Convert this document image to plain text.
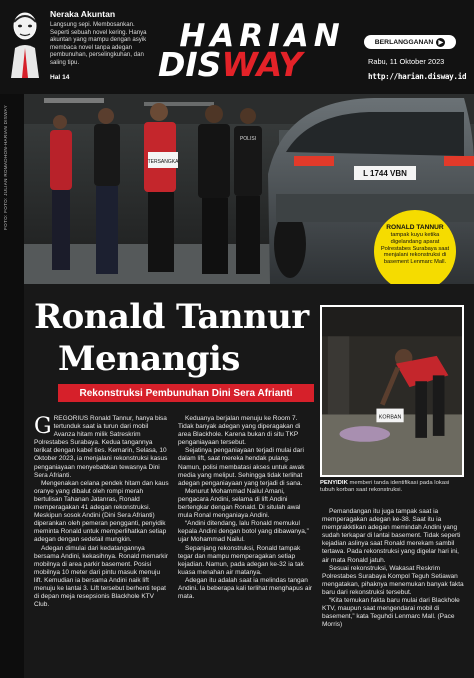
Neraka Akuntan
Langsung sepi. Membosankan. Seperti sebuah novel kering. Hanya akuntan yang mampu dengan asyik membaca novel tanpa adegan pembunuhan, perselingkuhan, dan saling tipu.
Hal 14
HARIAN
DISWAY
BERLANGGANAN ▶
Rabu, 11 Oktober 2023
http://harian.disway.id
FOTO: FOTO: JULIAN ROMADHON-HARIAN DISWAY	L 1744 VBN
TERSANGKA
POLISI
RONALD TANNUR
tampak kuyu ketika digelandang aparat Polrestabes Surabaya saat menjalani rekonstruksi di basement Lenmarc Mall.
Ronald Tannur
Menangis
Rekonstruksi Pembunuhan Dini Sera Afrianti
KORBAN
PENYIDIK memberi tanda identifikasi pada lokasi tubuh korban saat rekonstruksi.
G REGORIUS Ronald Tannur, hanya bisa tertunduk saat ia turun dari mobil Avanza hitam milik Satreskrim Polrestabes Surabaya. Kedua tangannya terikat dengan kabel ties. Kemarin, Selasa, 10 Oktober 2023, ia menjalani rekonstruksi kasus penganiayaan menyebabkan tewasnya Dini Sera Afrianti.

Mengenakan celana pendek hitam dan kaus oranye yang dibalut oleh rompi merah bertulisan Tahanan Jatanras, Ronald memperagakan 41 adegan rekonstruksi. Meskipun sosok Andini (Dini Sera Afrianti) diperankan oleh pemeran pengganti, penyidik meminta Ronald untuk memperlihatkan setiap adegan dengan sedetail mungkin.

Adegan dimulai dari kedatangannya bersama Andini, kekasihnya. Ronald memarkir mobilnya di area parkir basement. Posisi mobilnya 10 meter dari pintu masuk menuju lift. Kemudian ia bersama Andini naik lift menuju ke lantai 3. Lift tersebut berhenti tepat di depan meja resepsionis Blackhole KTV Club.

Keduanya berjalan menuju ke Room 7. Tidak banyak adegan yang diperagakan di area Blackhole. Karena bukan di situ TKP penganiayaan tersebut.

Sejatinya penganiayaan terjadi mulai dari dalam lift, saat mereka hendak pulang. Namun, polisi membatasi akses untuk awak media yang meliput. Sehingga tidak terlihat adegan penganiayaan yang terjadi di sana.

Menurut Mohammad Nailul Amani, pengacara Andini, selama di lift Andini bertengkar dengan Ronald. Di situlah awal mula Ronal menganiaya Andini.

“Andini ditendang, lalu Ronald memukul kepala Andini dengan botol yang dibawanya,” ujar Mohammad Nailul.

Sepanjang rekonstruksi, Ronald tampak tegar dan mampu memperagakan setiap kejadian. Namun, pada adegan ke-32 ia tak kuasa menahan air matanya.

Adegan itu adalah saat ia melindas tangan Andini. Ia beberapa kali terlihat menghapus air mata.

Pemandangan itu juga tampak saat ia memperagakan adegan ke-38. Saat itu ia memprakktikan adegan memindah Andini yang sudah terkapar di lantai basement. Tidak seperti kejadian aslinya saat Ronald merekam sambil tertawa. Pada rekonstruksi yang digelar hari ini, air mata Ronald jatuh.

Sesuai rekonstruksi, Wakasat Reskrim Polrestabes Surabaya Kompol Teguh Setiawan mengatakan, pihaknya menemukan banyak fakta baru dari rekonstruksi tersebut.

“Kita temukan fakta baru mulai dari Blackhole KTV, maupun saat mengendarai mobil di basement,” kata Teguhdi Lenmarc Mall. (Pace Morris)
